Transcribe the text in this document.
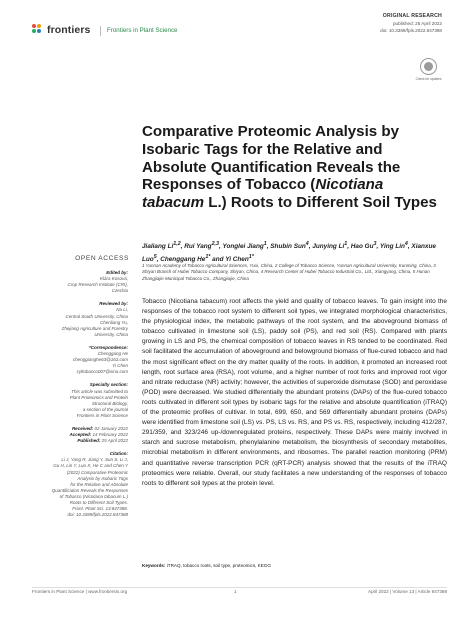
frontiers	Frontiers in Plant Science
ORIGINAL RESEARCH
published: 25 April 2022
doi: 10.3389/fpls.2022.847388
Check for updates
Comparative Proteomic Analysis by Isobaric Tags for the Relative and Absolute Quantification Reveals the Responses of Tobacco (Nicotiana tabacum L.) Roots to Different Soil Types
Jialiang Li$^{1,2}$, Rui Yang$^{2,3}$, Yonglei Jiang$^1$, Shubin Sun$^4$, Junying Li$^1$, Hao Gu$^3$, Ying Lin$^4$, Xianxue Luo$^5$, Chenggang $He^{1*}$ and Yi Chen$^{1*}$
1 Yunnan Academy of Tobacco Agricultural Sciences, Yuxi, China, 2 College of Tobacco Science, Yunnan Agricultural University, Kunming, China, 3 Shiyan Branch of Hubei Tobacco Company, Shiyan, China, 4 Research Center of Hubei Tobacco Industrial Co., Ltd., Xiangyang, China, 5 Hunan Zhangjiajie Municipal Tobacco Co., Zhangjiajie, China
OPEN ACCESS
Edited by:
Klára Kosová,
Crop Research Institute (CRI),
Czechia
Reviewed by:
Na Li,
Central South University, China
Chenliang Yu,
Zhejiang Agriculture and Forestry
University, China
*Correspondence:
Chenggang He
chenggianghe63@163.com
Yi Chen
cyltobacco007@sina.com
Specialty section:
This article was submitted to
Plant Proteomics and Protein
Structural Biology,
a section of the journal
Frontiers in Plant Science
Received: 02 January 2022
Accepted: 14 February 2022
Published: 25 April 2022
Citation:
Li J, Yang R, Jiang Y, Sun S, Li J,
Gu H, Lin Y, Luo X, He C and Chen Y
(2022) Comparative Proteomic
Analysis by Isobaric Tags
for the Relative and Absolute
Quantification Reveals the Responses
of Tobacco (Nicotiana tabacum L.)
Roots to Different Soil Types.
Front. Plant Sci. 13:847388.
doi: 10.3389/fpls.2022.847388

Tobacco (Nicotiana tabacum) root affects the yield and quality of tobacco leaves. To gain insight into the responses of the tobacco root system to different soil types, we integrated morphological characteristics, the physiological index, the metabolic pathways of the root system, and the aboveground biomass of tobacco cultivated in limestone soil (LS), paddy soil (PS), and red soil (RS). Compared with plants growing in LS and PS, the chemical composition of tobacco leaves in RS tended to be coordinated. Red soil facilitated the accumulation of aboveground and belowground biomass of flue-cured tobacco and had the most significant effect on the dry matter quality of the roots. In addition, it promoted an increased root length, root surface area (RSA), root volume, and a higher number of root forks and improved root vigor and nitrate reductase (NR) activity; however, the activities of superoxide dismutase (SOD) and peroxidase (POD) were decreased. We studied differentially the abundant proteins (DAPs) of the flue-cured tobacco roots cultivated in different soil types by isobaric tags for the relative and absolute quantification (iTRAQ) of the proteomic profiles of cultivar. In total, 699, 650, and 569 differentially abundant proteins (DAPs) were identified from limestone soil (LS) vs. PS, LS vs. RS, and PS vs. RS, respectively, including 412/287, 291/359, and 323/246 up-/downregulated proteins, respectively. These DAPs were mainly involved in starch and sucrose metabolism, phenylalanine metabolism, the biosynthesis of secondary metabolites, microbial metabolism in different environments, and ribosomes. The parallel reaction monitoring (PRM) and quantitative reverse transcription PCR (qRT-PCR) analysis showed that the results of the iTRAQ proteomics were reliable. Overall, our study facilitates a new understanding of the responses of tobacco roots to different soil types at the protein level.

Keywords: iTRAQ, tobacco roots, soil type, proteomics, KEGG
Frontiers in Plant Science | www.frontiersin.org	1	April 2022 | Volume 13 | Article 847388
